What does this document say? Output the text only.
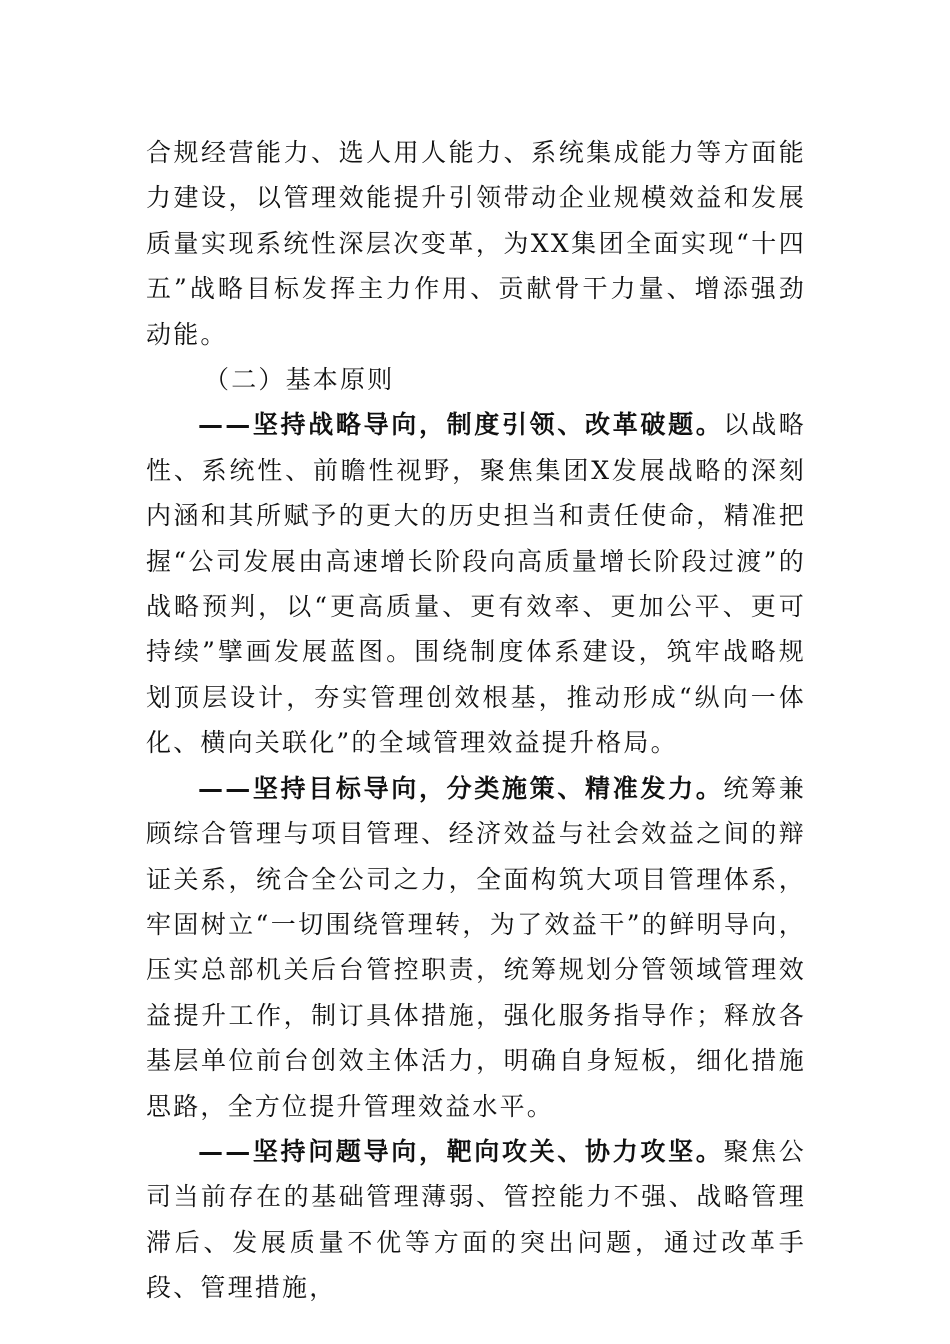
合规经营能力、选人用人能力、系统集成能力等方面能力建设，以管理效能提升引领带动企业规模效益和发展质量实现系统性深层次变革，为XX集团全面实现“十四五”战略目标发挥主力作用、贡献骨干力量、增添强劲动能。

（二）基本原则

——坚持战略导向，制度引领、改革破题。以战略性、系统性、前瞻性视野，聚焦集团X发展战略的深刻内涵和其所赋予的更大的历史担当和责任使命，精准把握“公司发展由高速增长阶段向高质量增长阶段过渡”的战略预判，以“更高质量、更有效率、更加公平、更可持续”擘画发展蓝图。围绕制度体系建设，筑牢战略规划顶层设计，夯实管理创效根基，推动形成“纵向一体化、横向关联化”的全域管理效益提升格局。

——坚持目标导向，分类施策、精准发力。统筹兼顾综合管理与项目管理、经济效益与社会效益之间的辩证关系，统合全公司之力，全面构筑大项目管理体系，牢固树立“一切围绕管理转，为了效益干”的鲜明导向，压实总部机关后台管控职责，统筹规划分管领域管理效益提升工作，制订具体措施，强化服务指导作；释放各基层单位前台创效主体活力，明确自身短板，细化措施思路，全方位提升管理效益水平。

——坚持问题导向，靶向攻关、协力攻坚。聚焦公司当前存在的基础管理薄弱、管控能力不强、战略管理滞后、发展质量不优等方面的突出问题，通过改革手段、管理措施，
